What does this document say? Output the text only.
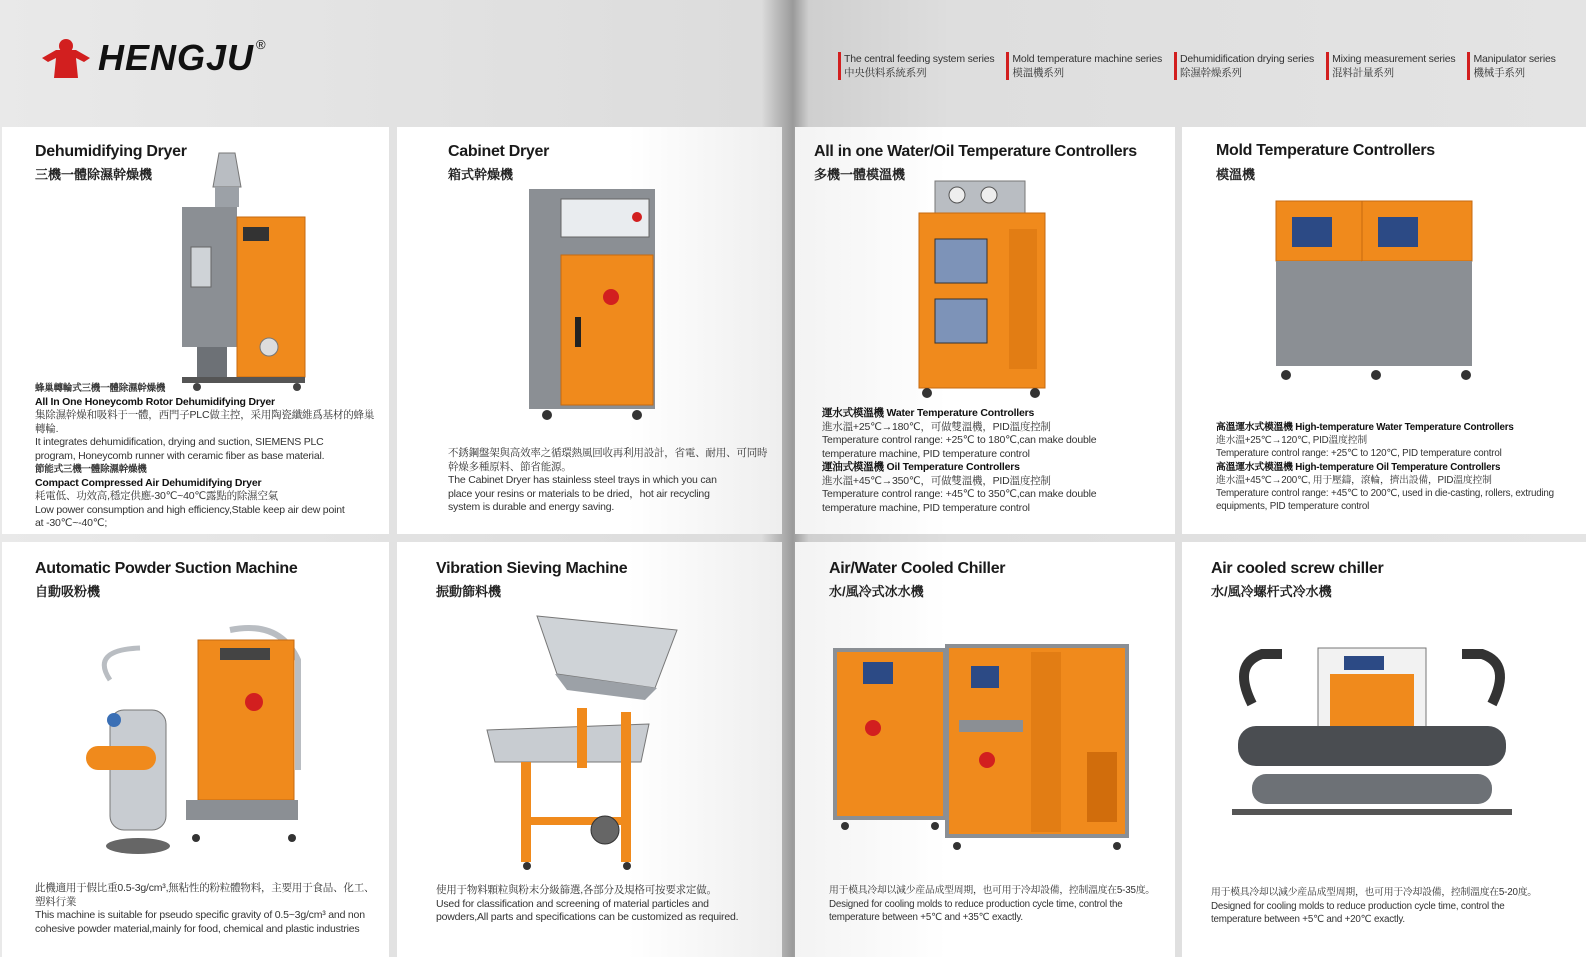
HENGJU ®
The central feeding system series
中央供料系統系列
Mold temperature machine series
模溫機系列
Dehumidification drying series
除濕幹燥系列
Mixing measurement series
混料計量系列
Manipulator series
機械手系列
Dehumidifying Dryer
三機一體除濕幹燥機
蜂巢轉輪式三機一體除濕幹燥機
All In One Honeycomb Rotor Dehumidifying Dryer
集除濕幹燥和吸料于一體，西門子PLC做主控，采用陶瓷纖維爲基材的蜂巢轉輪.
It integrates dehumidification, drying and suction, SIEMENS PLC
program, Honeycomb runner with ceramic fiber as base material.
節能式三機一體除濕幹燥機
Compact Compressed Air Dehumidifying Dryer
耗電低、功效高,穩定供應-30℃~40℃露點的除濕空氣
Low power consumption and high efficiency,Stable keep air dew point
at -30℃~-40℃;
Cabinet Dryer
箱式幹燥機
不銹鋼盤架與高效率之循環熱風回收再利用設計，省電、耐用、可同時
幹燥多種原料、節省能源。
The Cabinet Dryer has stainless steel trays in which you can
place your resins or materials to be dried，hot air recycling
system is durable and energy saving.
All in one Water/Oil Temperature Controllers
多機一體模溫機
運水式模溫機 Water Temperature Controllers
進水溫+25℃→180℃，可做雙溫機，PID溫度控制
Temperature control range: +25℃ to 180℃,can make double
temperature machine, PID temperature control
運油式模溫機 Oil Temperature Controllers
進水溫+45℃→350℃，可做雙溫機，PID溫度控制
Temperature control range: +45℃ to 350℃,can make double
temperature machine, PID temperature control
Mold Temperature Controllers
模溫機
高溫運水式模溫機 High-temperature Water Temperature Controllers
進水溫+25℃→120℃, PID溫度控制
Temperature control range: +25℃ to 120℃, PID temperature control
高溫運水式模溫機 High-temperature Oil Temperature Controllers
進水溫+45℃→200℃, 用于壓鑄，滾輪，擠出設備，PID溫度控制
Temperature control range: +45℃ to 200℃, used in die-casting, rollers, extruding
equipments, PID temperature control
Automatic Powder Suction Machine
自動吸粉機
此機適用于假比重0.5-3g/cm³,無粘性的粉粒體物料，主要用于食品、化工、塑料行業
This machine is suitable for pseudo specific gravity of 0.5~3g/cm³ and non
cohesive powder material,mainly for food, chemical and plastic industries
Vibration Sieving Machine
振動篩料機
使用于物料顆粒與粉末分級篩選,各部分及規格可按要求定做。
Used for classification and screening of material particles and
powders,All parts and specifications can be customized as required.
Air/Water Cooled Chiller
水/風冷式冰水機
用于模具冷却以減少産品成型周期，也可用于冷却設備，控制溫度在5-35度。
Designed for cooling molds to reduce production cycle time, control the
temperature between +5℃ and +35℃ exactly.
Air cooled screw chiller
水/風冷螺杆式冷水機
用于模具冷却以減少産品成型周期，也可用于冷却設備，控制溫度在5-20度。
Designed for cooling molds to reduce production cycle time, control the
temperature between +5℃ and +20℃ exactly.
